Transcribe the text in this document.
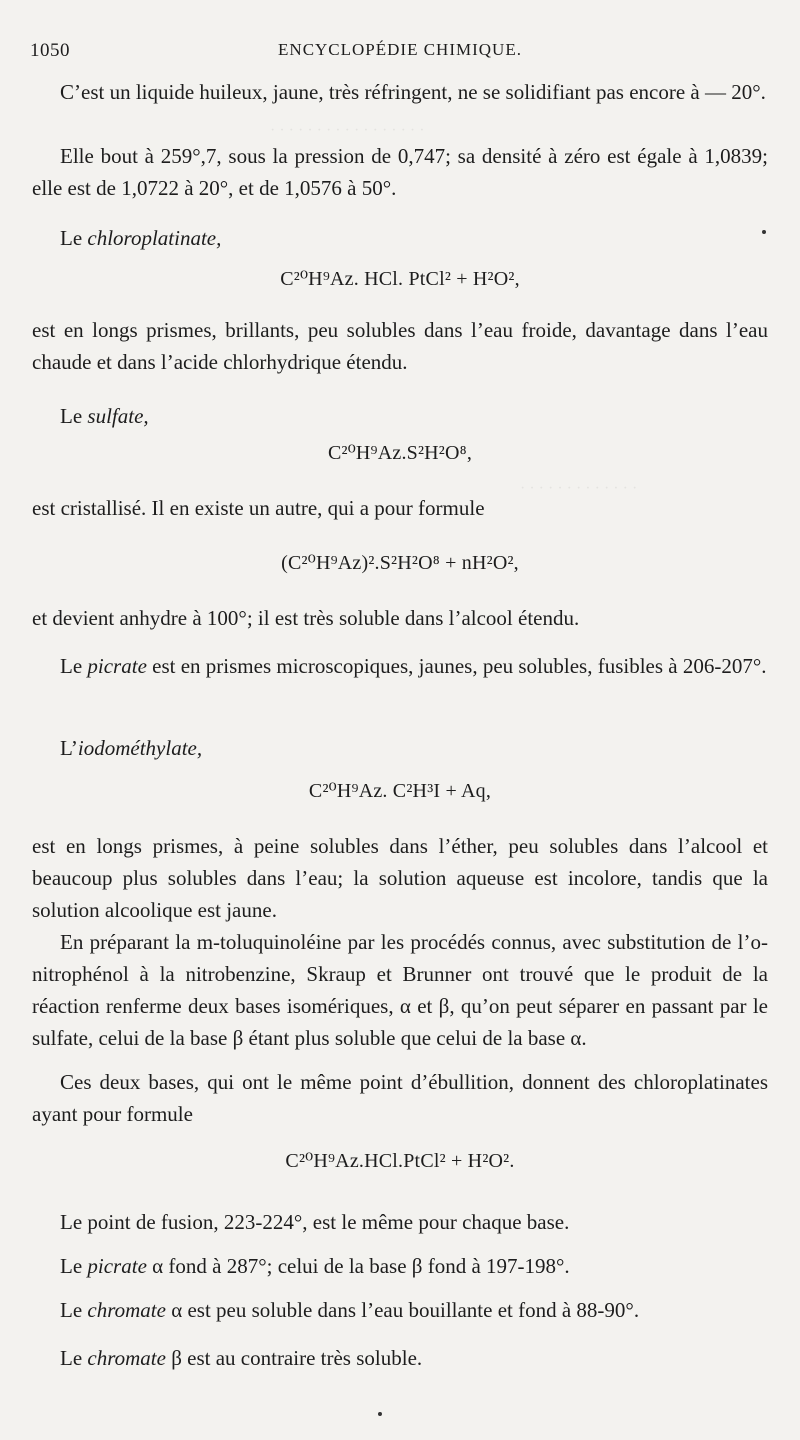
· · · · · · · · · · · · · · · · ·
· · · · · · · · · · · · ·
1050	ENCYCLOPÉDIE CHIMIQUE.

C’est un liquide huileux, jaune, très réfringent, ne se solidifiant pas encore à — 20°.

Elle bout à 259°,7, sous la pression de 0,747; sa densité à zéro est égale à 1,0839; elle est de 1,0722 à 20°, et de 1,0576 à 50°.

Le chloroplatinate,
C²⁰H⁹Az. HCl. PtCl² + H²O²,

est en longs prismes, brillants, peu solubles dans l’eau froide, davantage dans l’eau chaude et dans l’acide chlorhydrique étendu.

Le sulfate,
C²⁰H⁹Az.S²H²O⁸,

est cristallisé. Il en existe un autre, qui a pour formule

(C²⁰H⁹Az)².S²H²O⁸ + nH²O²,

et devient anhydre à 100°; il est très soluble dans l’alcool étendu.

Le picrate est en prismes microscopiques, jaunes, peu solubles, fusibles à 206-207°.

L’iodométhylate,
C²⁰H⁹Az. C²H³I + Aq,

est en longs prismes, à peine solubles dans l’éther, peu solubles dans l’alcool et beaucoup plus solubles dans l’eau; la solution aqueuse est incolore, tandis que la solution alcoolique est jaune.

En préparant la m-toluquinoléine par les procédés connus, avec substitution de l’o-nitrophénol à la nitrobenzine, Skraup et Brunner ont trouvé que le produit de la réaction renferme deux bases isomériques, α et β, qu’on peut séparer en passant par le sulfate, celui de la base β étant plus soluble que celui de la base α.

Ces deux bases, qui ont le même point d’ébullition, donnent des chloroplatinates ayant pour formule

C²⁰H⁹Az.HCl.PtCl² + H²O².

Le point de fusion, 223-224°, est le même pour chaque base.

Le picrate α fond à 287°; celui de la base β fond à 197-198°.

Le chromate α est peu soluble dans l’eau bouillante et fond à 88-90°.

Le chromate β est au contraire très soluble.
